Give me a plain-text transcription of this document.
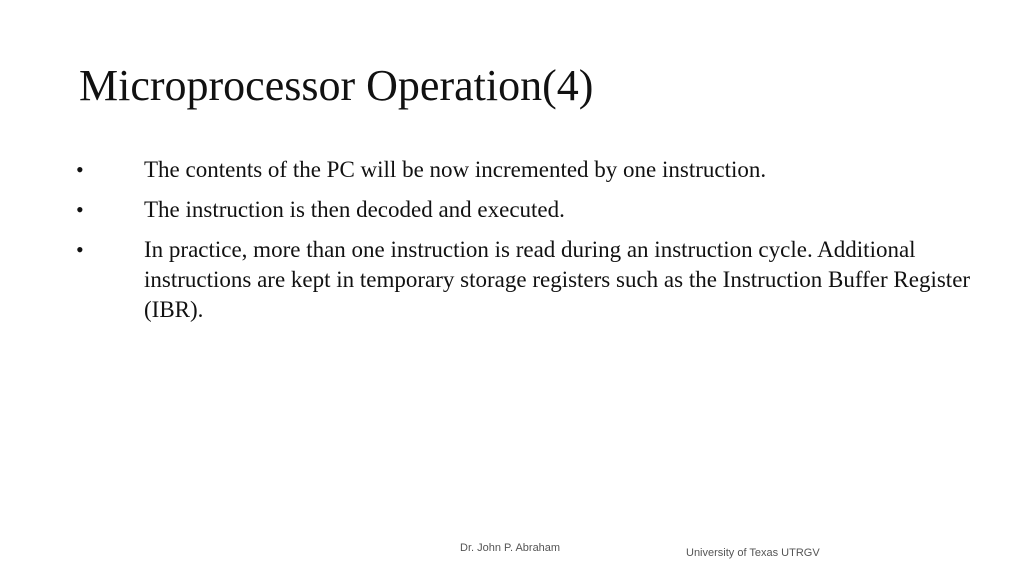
Microprocessor Operation(4)
•	The contents of the PC will be now incremented by one instruction.
•	The instruction is then decoded and executed.
•	In practice, more than one instruction is read during an instruction cycle. Additional instructions are kept in temporary storage registers such as the Instruction Buffer Register (IBR).
Dr. John P. Abraham	University of Texas UTRGV
